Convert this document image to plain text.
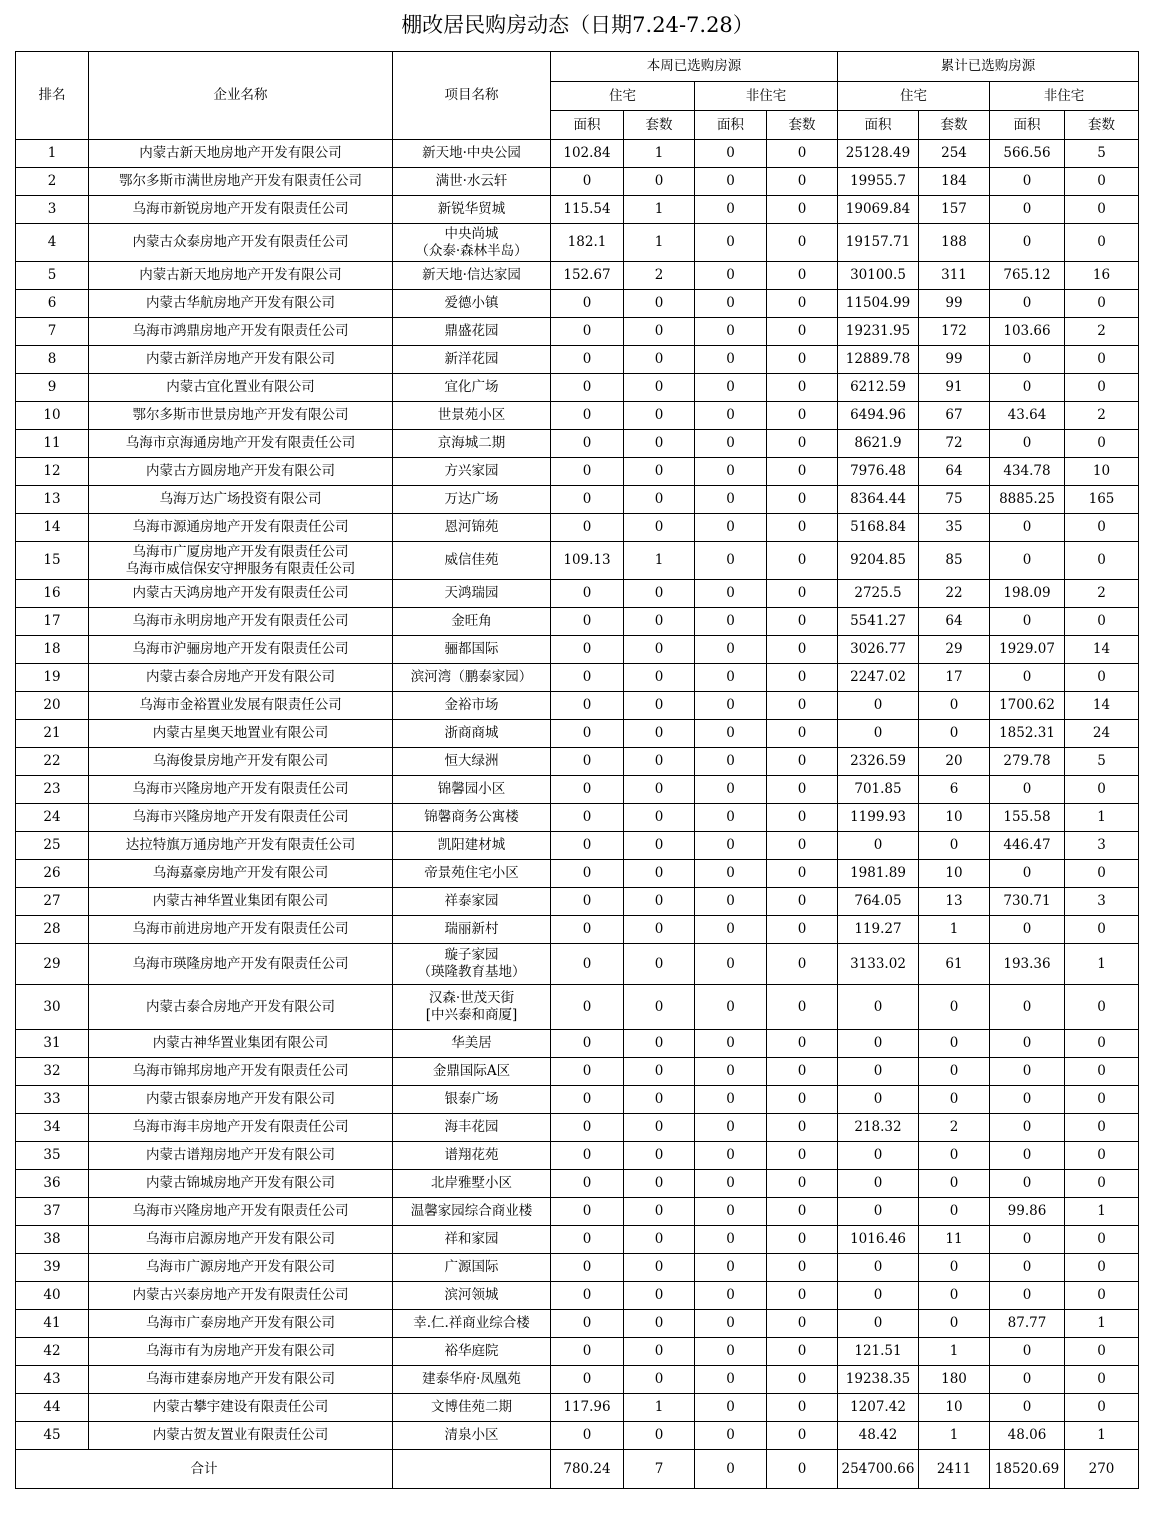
棚改居民购房动态（日期7.24-7.28）
排名	企业名称	项目名称	本周已选购房源				累计已选购房源			
			住宅		非住宅		住宅		非住宅	
			面积	套数	面积	套数	面积	套数	面积	套数
1	内蒙古新天地房地产开发有限公司	新天地·中央公园	102.84	1	0	0	25128.49	254	566.56	5
2	鄂尔多斯市满世房地产开发有限责任公司	满世·水云轩	0	0	0	0	19955.7	184	0	0
3	乌海市新锐房地产开发有限责任公司	新锐华贸城	115.54	1	0	0	19069.84	157	0	0
4	内蒙古众泰房地产开发有限责任公司	中央尚城
（众泰·森林半岛）	182.1	1	0	0	19157.71	188	0	0
5	内蒙古新天地房地产开发有限公司	新天地·信达家园	152.67	2	0	0	30100.5	311	765.12	16
6	内蒙古华航房地产开发有限公司	爱德小镇	0	0	0	0	11504.99	99	0	0
7	乌海市鸿鼎房地产开发有限责任公司	鼎盛花园	0	0	0	0	19231.95	172	103.66	2
8	内蒙古新洋房地产开发有限公司	新洋花园	0	0	0	0	12889.78	99	0	0
9	内蒙古宜化置业有限公司	宜化广场	0	0	0	0	6212.59	91	0	0
10	鄂尔多斯市世景房地产开发有限公司	世景苑小区	0	0	0	0	6494.96	67	43.64	2
11	乌海市京海通房地产开发有限责任公司	京海城二期	0	0	0	0	8621.9	72	0	0
12	内蒙古方圆房地产开发有限公司	方兴家园	0	0	0	0	7976.48	64	434.78	10
13	乌海万达广场投资有限公司	万达广场	0	0	0	0	8364.44	75	8885.25	165
14	乌海市源通房地产开发有限责任公司	恩河锦苑	0	0	0	0	5168.84	35	0	0
15	乌海市广厦房地产开发有限责任公司
乌海市威信保安守押服务有限责任公司	威信佳苑	109.13	1	0	0	9204.85	85	0	0
16	内蒙古天鸿房地产开发有限责任公司	天鸿瑞园	0	0	0	0	2725.5	22	198.09	2
17	乌海市永明房地产开发有限责任公司	金旺角	0	0	0	0	5541.27	64	0	0
18	乌海市沪骊房地产开发有限责任公司	骊都国际	0	0	0	0	3026.77	29	1929.07	14
19	内蒙古泰合房地产开发有限公司	滨河湾（鹏泰家园）	0	0	0	0	2247.02	17	0	0
20	乌海市金裕置业发展有限责任公司	金裕市场	0	0	0	0	0	0	1700.62	14
21	内蒙古星奥天地置业有限公司	浙商商城	0	0	0	0	0	0	1852.31	24
22	乌海俊景房地产开发有限公司	恒大绿洲	0	0	0	0	2326.59	20	279.78	5
23	乌海市兴隆房地产开发有限责任公司	锦馨园小区	0	0	0	0	701.85	6	0	0
24	乌海市兴隆房地产开发有限责任公司	锦馨商务公寓楼	0	0	0	0	1199.93	10	155.58	1
25	达拉特旗万通房地产开发有限责任公司	凯阳建材城	0	0	0	0	0	0	446.47	3
26	乌海嘉豪房地产开发有限公司	帝景苑住宅小区	0	0	0	0	1981.89	10	0	0
27	内蒙古神华置业集团有限公司	祥泰家园	0	0	0	0	764.05	13	730.71	3
28	乌海市前进房地产开发有限责任公司	瑞丽新村	0	0	0	0	119.27	1	0	0
29	乌海市瑛隆房地产开发有限责任公司	璇子家园
（瑛隆教育基地）	0	0	0	0	3133.02	61	193.36	1
30	内蒙古泰合房地产开发有限公司	汉森·世茂天街
[中兴泰和商厦]	0	0	0	0	0	0	0	0
31	内蒙古神华置业集团有限公司	华美居	0	0	0	0	0	0	0	0
32	乌海市锦邦房地产开发有限责任公司	金鼎国际A区	0	0	0	0	0	0	0	0
33	内蒙古银泰房地产开发有限公司	银泰广场	0	0	0	0	0	0	0	0
34	乌海市海丰房地产开发有限责任公司	海丰花园	0	0	0	0	218.32	2	0	0
35	内蒙古谱翔房地产开发有限公司	谱翔花苑	0	0	0	0	0	0	0	0
36	内蒙古锦城房地产开发有限公司	北岸雅墅小区	0	0	0	0	0	0	0	0
37	乌海市兴隆房地产开发有限责任公司	温馨家园综合商业楼	0	0	0	0	0	0	99.86	1
38	乌海市启源房地产开发有限公司	祥和家园	0	0	0	0	1016.46	11	0	0
39	乌海市广源房地产开发有限公司	广源国际	0	0	0	0	0	0	0	0
40	内蒙古兴泰房地产开发有限责任公司	滨河领城	0	0	0	0	0	0	0	0
41	乌海市广泰房地产开发有限公司	幸.仁.祥商业综合楼	0	0	0	0	0	0	87.77	1
42	乌海市有为房地产开发有限公司	裕华庭院	0	0	0	0	121.51	1	0	0
43	乌海市建泰房地产开发有限公司	建泰华府·凤凰苑	0	0	0	0	19238.35	180	0	0
44	内蒙古攀宇建设有限责任公司	文博佳苑二期	117.96	1	0	0	1207.42	10	0	0
45	内蒙古贺友置业有限责任公司	清泉小区	0	0	0	0	48.42	1	48.06	1
合计			780.24	7	0	0	254700.66	2411	18520.69	270
